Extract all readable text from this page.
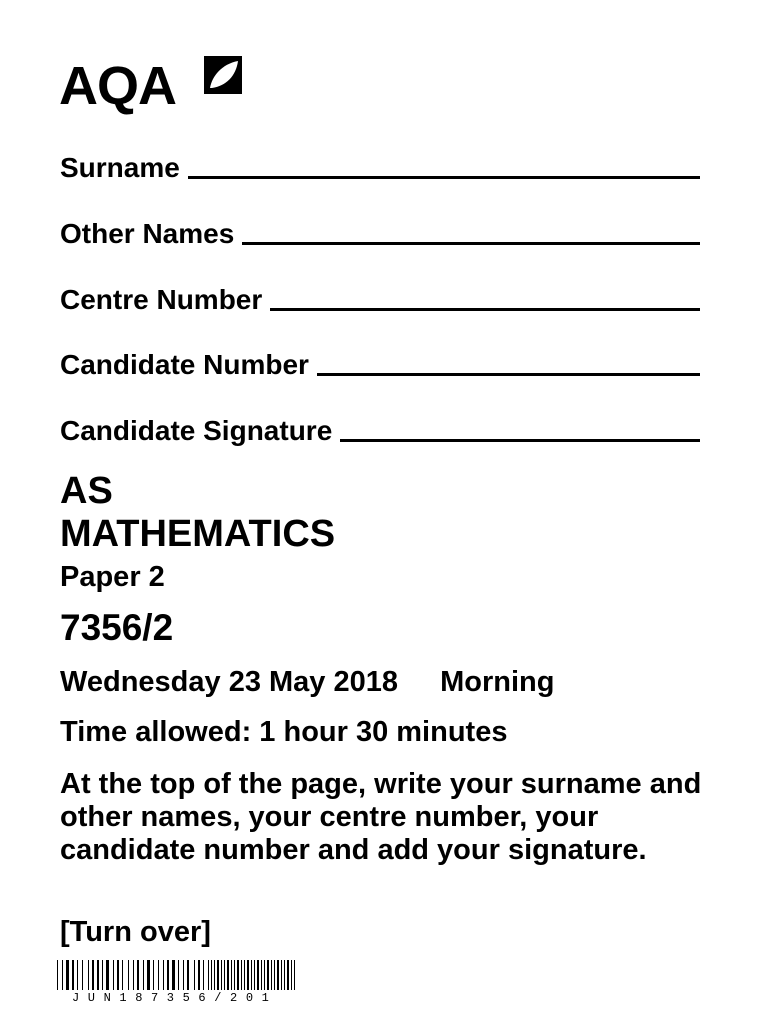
AQA
Surname
Other Names
Centre Number
Candidate Number
Candidate Signature
AS
MATHEMATICS
Paper 2
7356/2
Wednesday 23 May 2018 Morning
Time allowed: 1 hour 30 minutes
At the top of the page, write your surname and other names, your centre number, your candidate number and add your signature.
[Turn over]
JUN187356/201
